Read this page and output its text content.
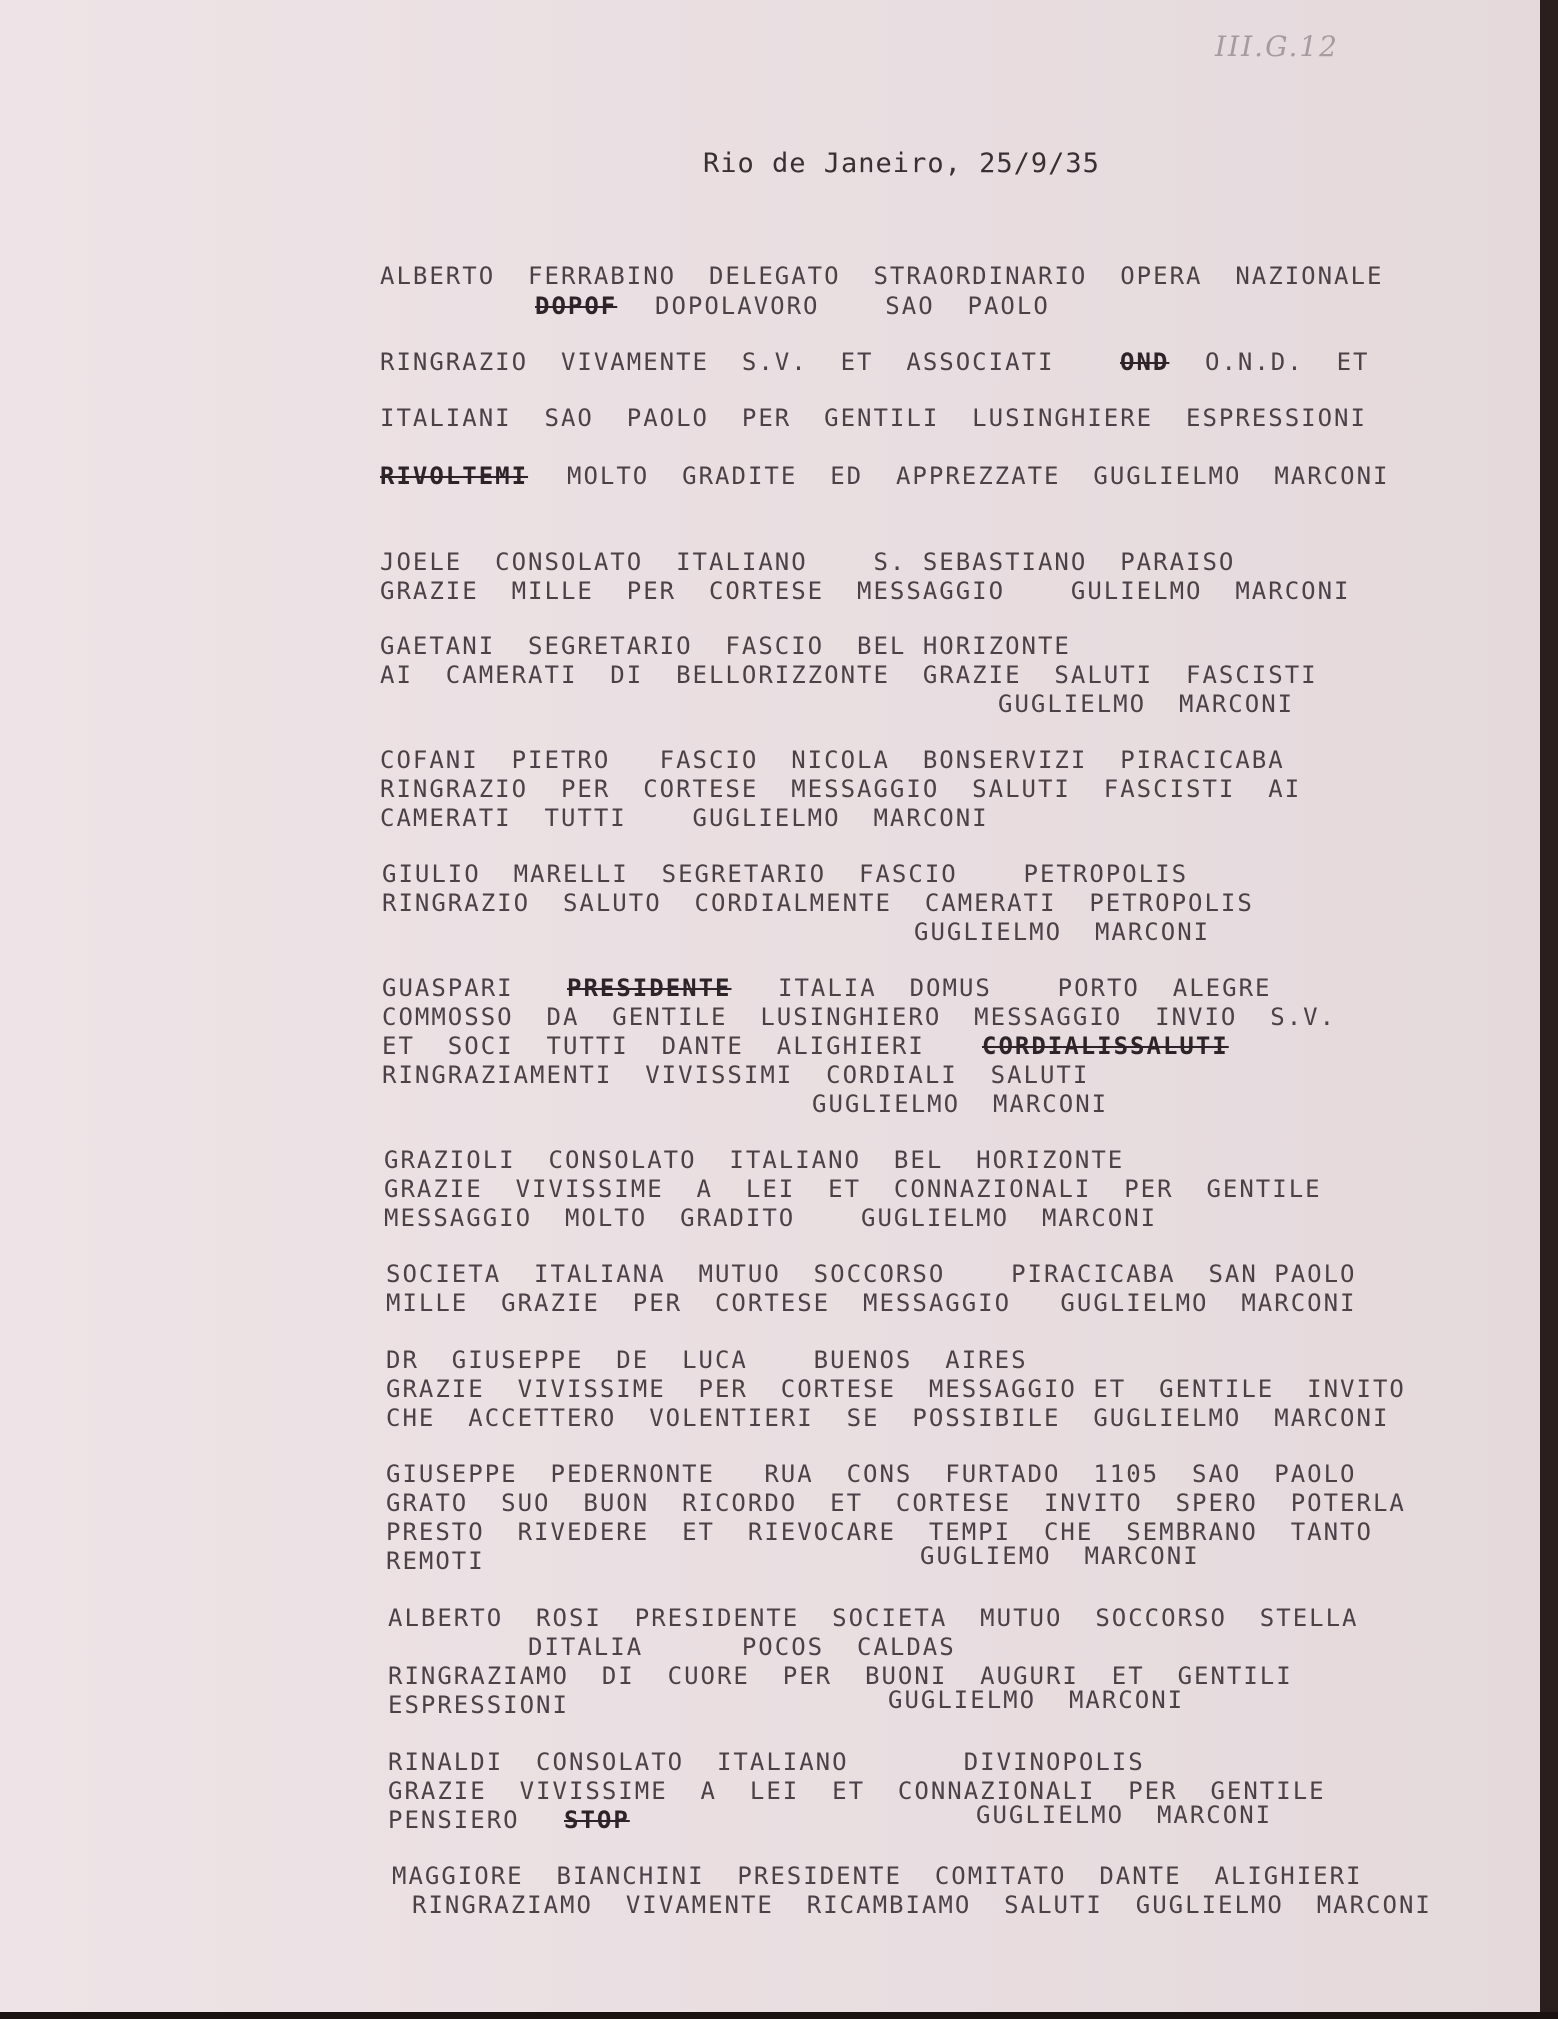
III.G.12
Rio de Janeiro, 25/9/35
ALBERTO  FERRABINO  DELEGATO  STRAORDINARIO  OPERA  NAZIONALE
DOPOF DOPOLAVORO    SAO  PAOLO
RINGRAZIO  VIVAMENTE  S.V.  ET  ASSOCIATI	OND O.N.D.  ET
ITALIANI  SAO  PAOLO  PER  GENTILI  LUSINGHIERE  ESPRESSIONI
RIVOLTEMI MOLTO  GRADITE  ED  APPREZZATE  GUGLIELMO  MARCONI
JOELE  CONSOLATO  ITALIANO    S. SEBASTIANO  PARAISO
GRAZIE  MILLE  PER  CORTESE  MESSAGGIO    GULIELMO  MARCONI
GAETANI  SEGRETARIO  FASCIO  BEL HORIZONTE
AI  CAMERATI  DI  BELLORIZZONTE  GRAZIE  SALUTI  FASCISTI
GUGLIELMO  MARCONI
COFANI  PIETRO   FASCIO  NICOLA  BONSERVIZI  PIRACICABA
RINGRAZIO  PER  CORTESE  MESSAGGIO  SALUTI  FASCISTI  AI
CAMERATI  TUTTI    GUGLIELMO  MARCONI
GIULIO  MARELLI  SEGRETARIO  FASCIO    PETROPOLIS
RINGRAZIO  SALUTO  CORDIALMENTE  CAMERATI  PETROPOLIS
GUGLIELMO  MARCONI
GUASPARI PRESIDENTE ITALIA  DOMUS    PORTO  ALEGRE
COMMOSSO  DA  GENTILE  LUSINGHIERO  MESSAGGIO  INVIO  S.V.
ET  SOCI  TUTTI  DANTE  ALIGHIERI CORDIALISSALUTI
RINGRAZIAMENTI  VIVISSIMI  CORDIALI  SALUTI
GUGLIELMO  MARCONI
GRAZIOLI  CONSOLATO  ITALIANO  BEL  HORIZONTE
GRAZIE  VIVISSIME  A  LEI  ET  CONNAZIONALI  PER  GENTILE
MESSAGGIO  MOLTO  GRADITO    GUGLIELMO  MARCONI
SOCIETA  ITALIANA  MUTUO  SOCCORSO    PIRACICABA  SAN PAOLO
MILLE  GRAZIE  PER  CORTESE  MESSAGGIO   GUGLIELMO  MARCONI
DR  GIUSEPPE  DE  LUCA    BUENOS  AIRES
GRAZIE  VIVISSIME  PER  CORTESE  MESSAGGIO ET  GENTILE  INVITO
CHE  ACCETTERO  VOLENTIERI  SE  POSSIBILE  GUGLIELMO  MARCONI
GIUSEPPE  PEDERNONTE   RUA  CONS  FURTADO  1105  SAO  PAOLO
GRATO  SUO  BUON  RICORDO  ET  CORTESE  INVITO  SPERO  POTERLA
PRESTO  RIVEDERE  ET  RIEVOCARE  TEMPI  CHE  SEMBRANO  TANTO
REMOTI	GUGLIEMO  MARCONI
ALBERTO  ROSI  PRESIDENTE  SOCIETA  MUTUO  SOCCORSO  STELLA
DITALIA      POCOS  CALDAS
RINGRAZIAMO  DI  CUORE  PER  BUONI  AUGURI  ET  GENTILI
ESPRESSIONI	GUGLIELMO  MARCONI
RINALDI  CONSOLATO  ITALIANO       DIVINOPOLIS
GRAZIE  VIVISSIME  A  LEI  ET  CONNAZIONALI  PER  GENTILE
PENSIERO STOP	GUGLIELMO  MARCONI
MAGGIORE  BIANCHINI  PRESIDENTE  COMITATO  DANTE  ALIGHIERI
RINGRAZIAMO  VIVAMENTE  RICAMBIAMO  SALUTI  GUGLIELMO  MARCONI
